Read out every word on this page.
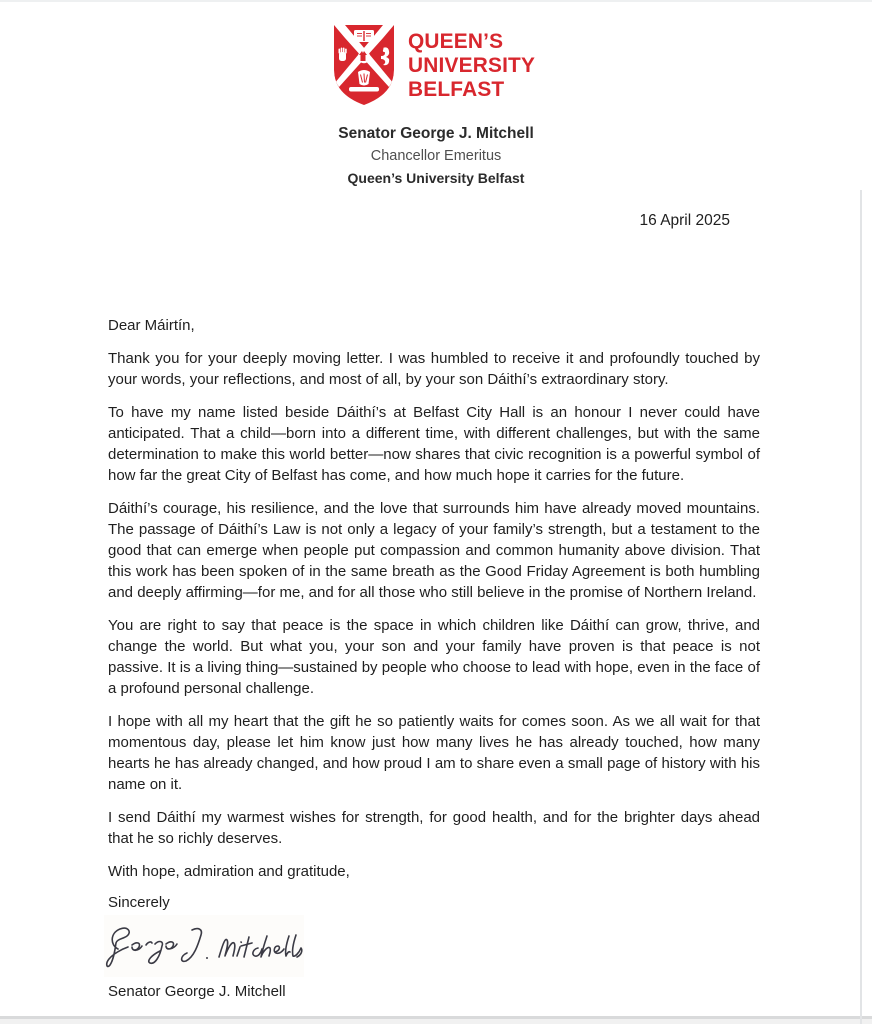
QUEEN’S
UNIVERSITY
BELFAST
Senator George J. Mitchell
Chancellor Emeritus
Queen’s University Belfast
16 April 2025

Dear Máirtín,

Thank you for your deeply moving letter. I was humbled to receive it and profoundly touched by your words, your reflections, and most of all, by your son Dáithí’s extraordinary story.

To have my name listed beside Dáithí’s at Belfast City Hall is an honour I never could have anticipated. That a child—born into a different time, with different challenges, but with the same determination to make this world better—now shares that civic recognition is a powerful symbol of how far the great City of Belfast has come, and how much hope it carries for the future.

Dáithí’s courage, his resilience, and the love that surrounds him have already moved mountains. The passage of Dáithí’s Law is not only a legacy of your family’s strength, but a testament to the good that can emerge when people put compassion and common humanity above division. That this work has been spoken of in the same breath as the Good Friday Agreement is both humbling and deeply affirming—for me, and for all those who still believe in the promise of Northern Ireland.

You are right to say that peace is the space in which children like Dáithí can grow, thrive, and change the world. But what you, your son and your family have proven is that peace is not passive. It is a living thing—sustained by people who choose to lead with hope, even in the face of a profound personal challenge.

I hope with all my heart that the gift he so patiently waits for comes soon. As we all wait for that momentous day, please let him know just how many lives he has already touched, how many hearts he has already changed, and how proud I am to share even a small page of history with his name on it.

I send Dáithí my warmest wishes for strength, for good health, and for the brighter days ahead that he so richly deserves.

With hope, admiration and gratitude,

Sincerely
Senator George J. Mitchell
